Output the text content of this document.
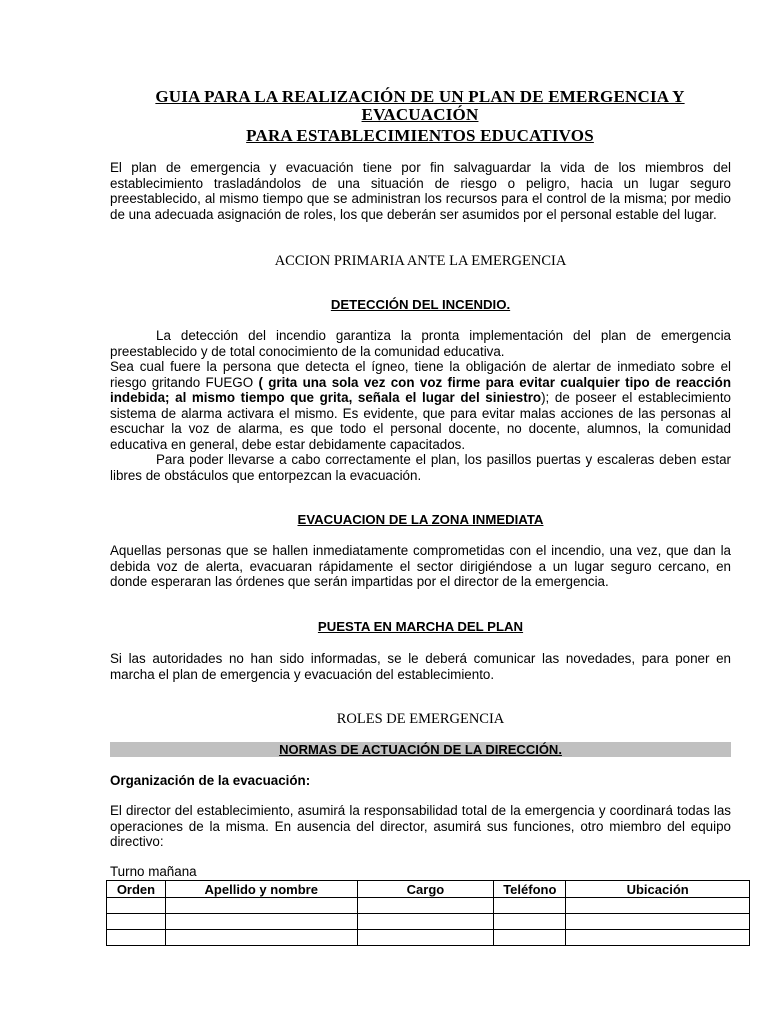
GUIA PARA LA REALIZACIÓN DE UN PLAN DE EMERGENCIA Y
EVACUACIÓN
PARA ESTABLECIMIENTOS EDUCATIVOS

El plan de emergencia y evacuación tiene por fin salvaguardar la vida de los miembros del establecimiento trasladándolos de una situación de riesgo o peligro, hacia un lugar seguro preestablecido, al mismo tiempo que se administran los recursos para el control de la misma; por medio de una adecuada asignación de roles, los que deberán ser asumidos por el personal estable del lugar.

ACCION PRIMARIA ANTE LA EMERGENCIA
DETECCIÓN DEL INCENDIO.

La detección del incendio garantiza la pronta implementación del plan de emergencia preestablecido y de total conocimiento de la comunidad educativa.
Sea cual fuere la persona que detecta el ígneo, tiene la obligación de alertar de inmediato sobre el riesgo gritando FUEGO ( grita una sola vez con voz firme para evitar cualquier tipo de reacción indebida; al mismo tiempo que grita, señala el lugar del siniestro); de poseer el establecimiento sistema de alarma activara el mismo. Es evidente, que para evitar malas acciones de las personas al escuchar la voz de alarma, es que todo el personal docente, no docente, alumnos, la comunidad educativa en general, debe estar debidamente capacitados.
Para poder llevarse a cabo correctamente el plan, los pasillos puertas y escaleras deben estar libres de obstáculos que entorpezcan la evacuación.

EVACUACION DE LA ZONA INMEDIATA

Aquellas personas que se hallen inmediatamente comprometidas con el incendio, una vez, que dan la debida voz de alerta, evacuaran rápidamente el sector dirigiéndose a un lugar seguro cercano, en donde esperaran las órdenes que serán impartidas por el director de la emergencia.

PUESTA EN MARCHA DEL PLAN

Si las autoridades no han sido informadas, se le deberá comunicar las novedades, para poner en marcha el plan de emergencia y evacuación del establecimiento.

ROLES DE EMERGENCIA
NORMAS DE ACTUACIÓN DE LA DIRECCIÓN.
Organización de la evacuación:

El director del establecimiento, asumirá la responsabilidad total de la emergencia y coordinará todas las operaciones de la misma. En ausencia del director, asumirá sus funciones, otro miembro del equipo directivo:

Turno mañana
Orden	Apellido y nombre	Cargo	Teléfono	Ubicación
